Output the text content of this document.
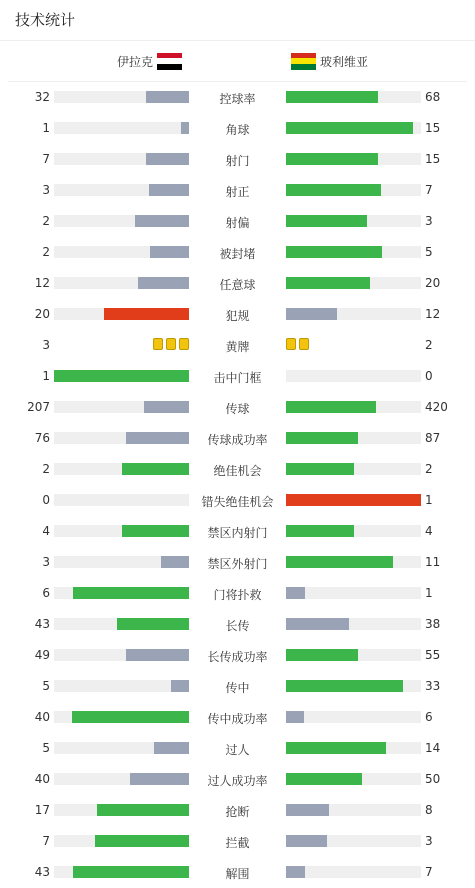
技术统计
伊拉克	玻利维亚
32	控球率	68
1	角球	15
7	射门	15
3	射正	7
2	射偏	3
2	被封堵	5
12	任意球	20
20	犯规	12
3	黄牌	2
1	击中门框	0
207	传球	420
76	传球成功率	87
2	绝佳机会	2
0	错失绝佳机会	1
4	禁区内射门	4
3	禁区外射门	11
6	门将扑救	1
43	长传	38
49	长传成功率	55
5	传中	33
40	传中成功率	6
5	过人	14
40	过人成功率	50
17	抢断	8
7	拦截	3
43	解围	7
